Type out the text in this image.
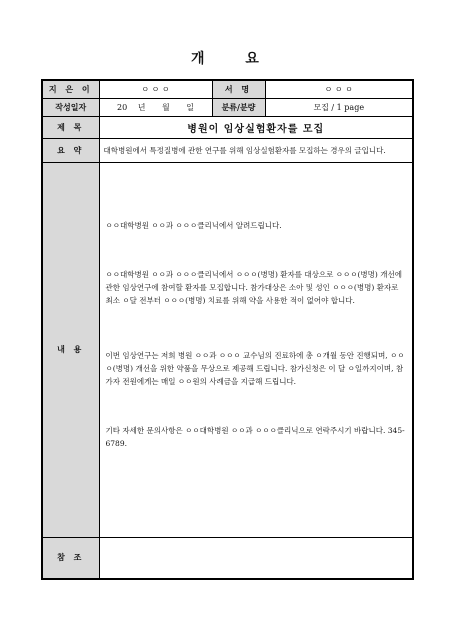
개 요
지 은 이	ㅇ ㅇ ㅇ	서 명	ㅇ ㅇ ㅇ
작성일자	20 년 월 일	분류/분량	모집 / 1 page
제 목	병원이 임상실험환자를 모집		
요 약	대학병원에서 특정질병에 관한 연구를 위해 임상실험환자를 모집하는 경우의 글입니다.		
내 용	ㅇㅇ대학병원 ㅇㅇ과 ㅇㅇㅇ클리닉에서 알려드립니다.

ㅇㅇ대학병원 ㅇㅇ과 ㅇㅇㅇ클리닉에서 ㅇㅇㅇ(병명) 환자를 대상으로 ㅇㅇㅇ(병명) 개선에 관한 임상연구에 참여할 환자를 모집합니다. 참가대상은 소아 및 성인 ㅇㅇㅇ(병명) 환자로 최소 ㅇ달 전부터 ㅇㅇㅇ(병명) 치료를 위해 약을 사용한 적이 없어야 합니다.

이번 임상연구는 저희 병원 ㅇㅇ과 ㅇㅇㅇ 교수님의 진료하에 총 ㅇ개월 동안 진행되며, ㅇㅇㅇ(병명) 개선을 위한 약품을 무상으로 제공해 드립니다. 참가신청은 이 달 ㅇ일까지이며, 참가자 전원에게는 매일 ㅇㅇ원의 사례금을 지급해 드립니다.

기타 자세한 문의사항은 ㅇㅇ대학병원 ㅇㅇ과 ㅇㅇㅇ클리닉으로 연락주시기 바랍니다. 345-6789.		

참 조			
